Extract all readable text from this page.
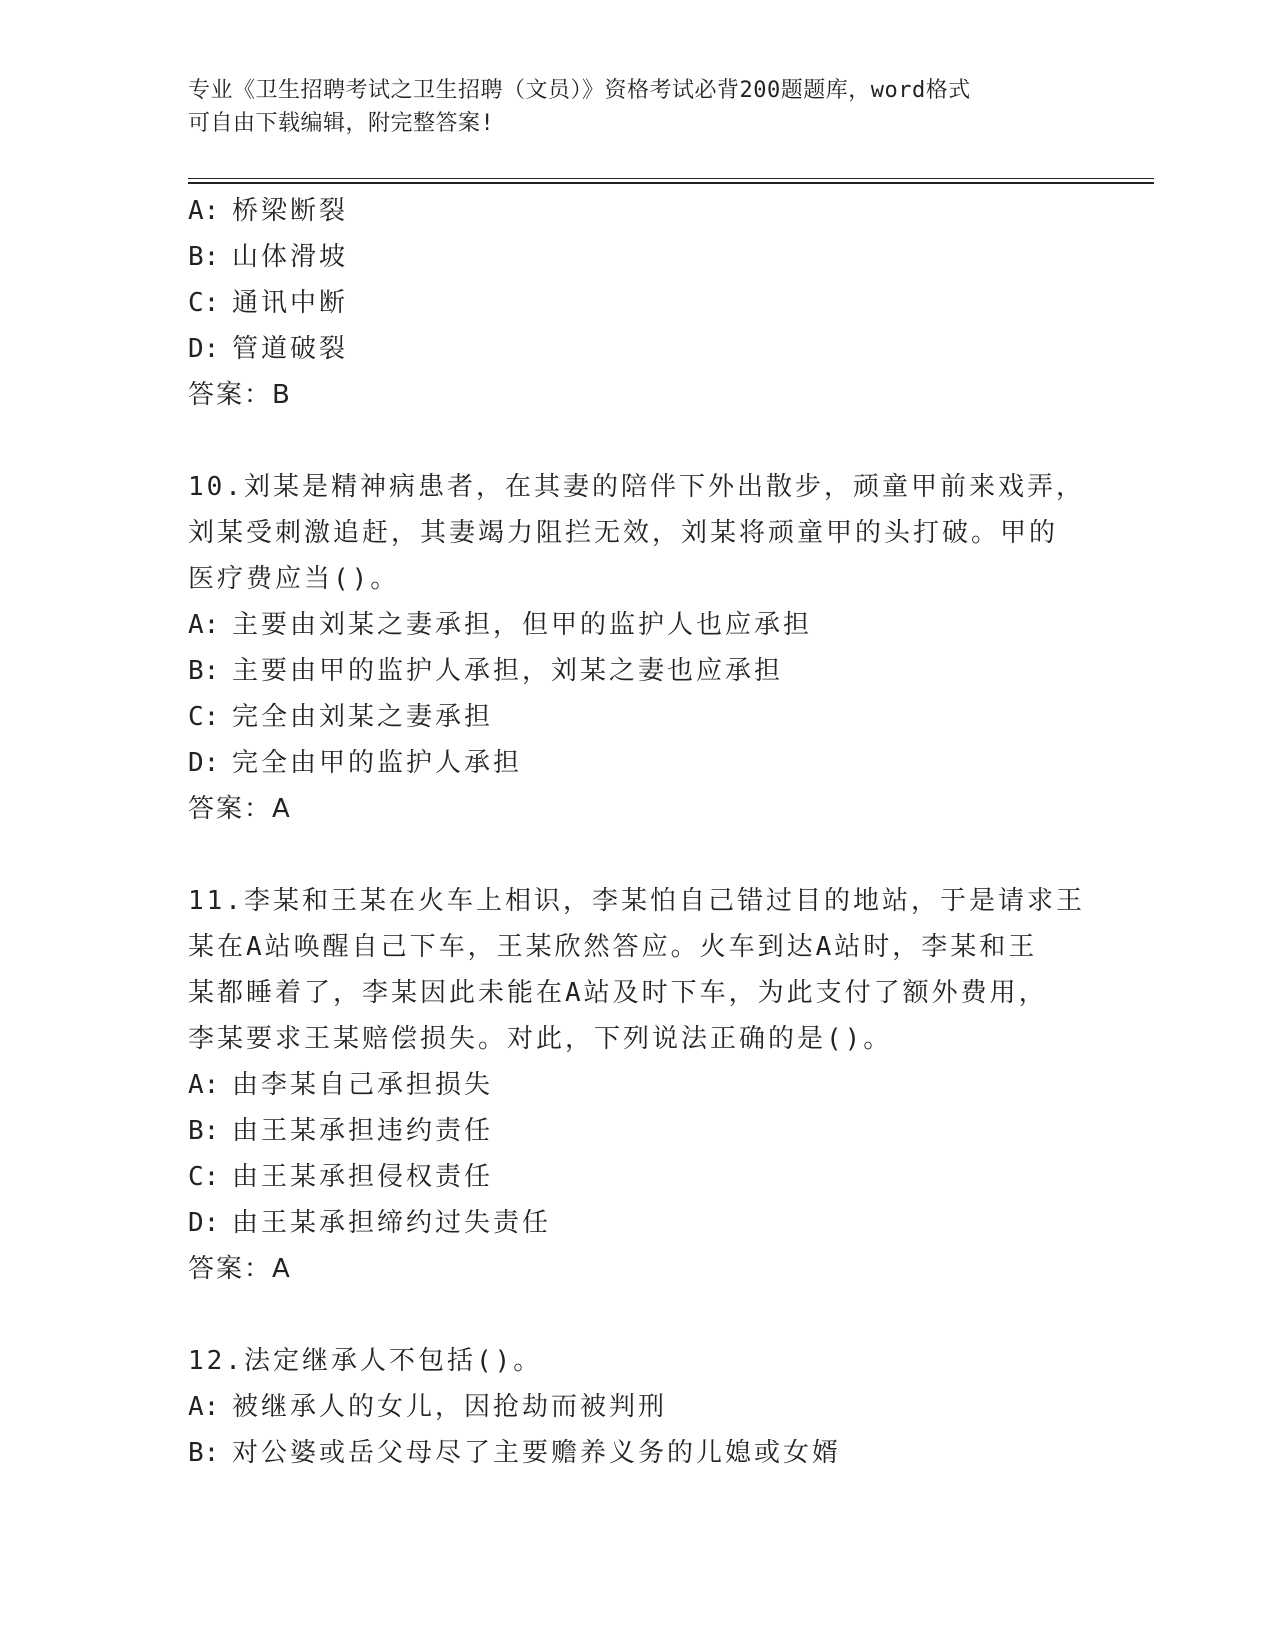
专业《卫生招聘考试之卫生招聘（文员）》资格考试必背200题题库，word格式
可自由下载编辑，附完整答案!
A: 桥梁断裂
B: 山体滑坡
C: 通讯中断
D: 管道破裂
答案：B
10.刘某是精神病患者，在其妻的陪伴下外出散步，顽童甲前来戏弄，
刘某受刺激追赶，其妻竭力阻拦无效，刘某将顽童甲的头打破。甲的
医疗费应当()。
A: 主要由刘某之妻承担，但甲的监护人也应承担
B: 主要由甲的监护人承担，刘某之妻也应承担
C: 完全由刘某之妻承担
D: 完全由甲的监护人承担
答案：A
11.李某和王某在火车上相识，李某怕自己错过目的地站，于是请求王
某在A站唤醒自己下车，王某欣然答应。火车到达A站时，李某和王
某都睡着了，李某因此未能在A站及时下车，为此支付了额外费用，
李某要求王某赔偿损失。对此，下列说法正确的是()。
A: 由李某自己承担损失
B: 由王某承担违约责任
C: 由王某承担侵权责任
D: 由王某承担缔约过失责任
答案：A
12.法定继承人不包括()。
A: 被继承人的女儿，因抢劫而被判刑
B: 对公婆或岳父母尽了主要赡养义务的儿媳或女婿
